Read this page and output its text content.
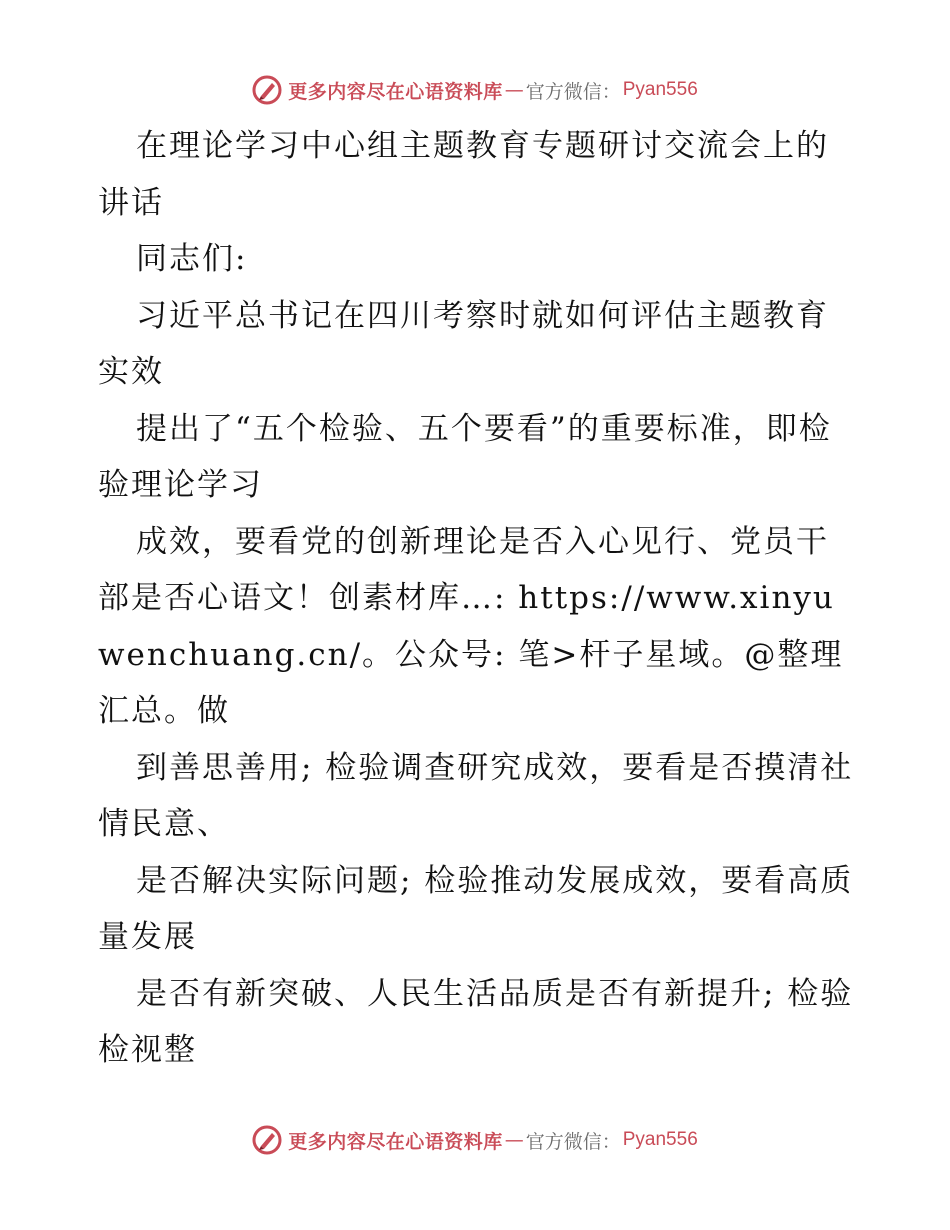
更多内容尽在心语资料库 — 官方微信： Pyan556

在理论学习中心组主题教育专题研讨交流会上的讲话

同志们:

习近平总书记在四川考察时就如何评估主题教育实效

提出了“五个检验、五个要看”的重要标准，即检验理论学习

成效，要看党的创新理论是否入心见行、党员干部是否心语文！创素材库…: https://www.xinyuwenchuang.cn/。公众号: 笔>杆子星域。@整理汇总。做

到善思善用; 检验调查研究成效，要看是否摸清社情民意、

是否解决实际问题; 检验推动发展成效，要看高质量发展

是否有新突破、人民生活品质是否有新提升; 检验检视整

更多内容尽在心语资料库 — 官方微信： Pyan556
